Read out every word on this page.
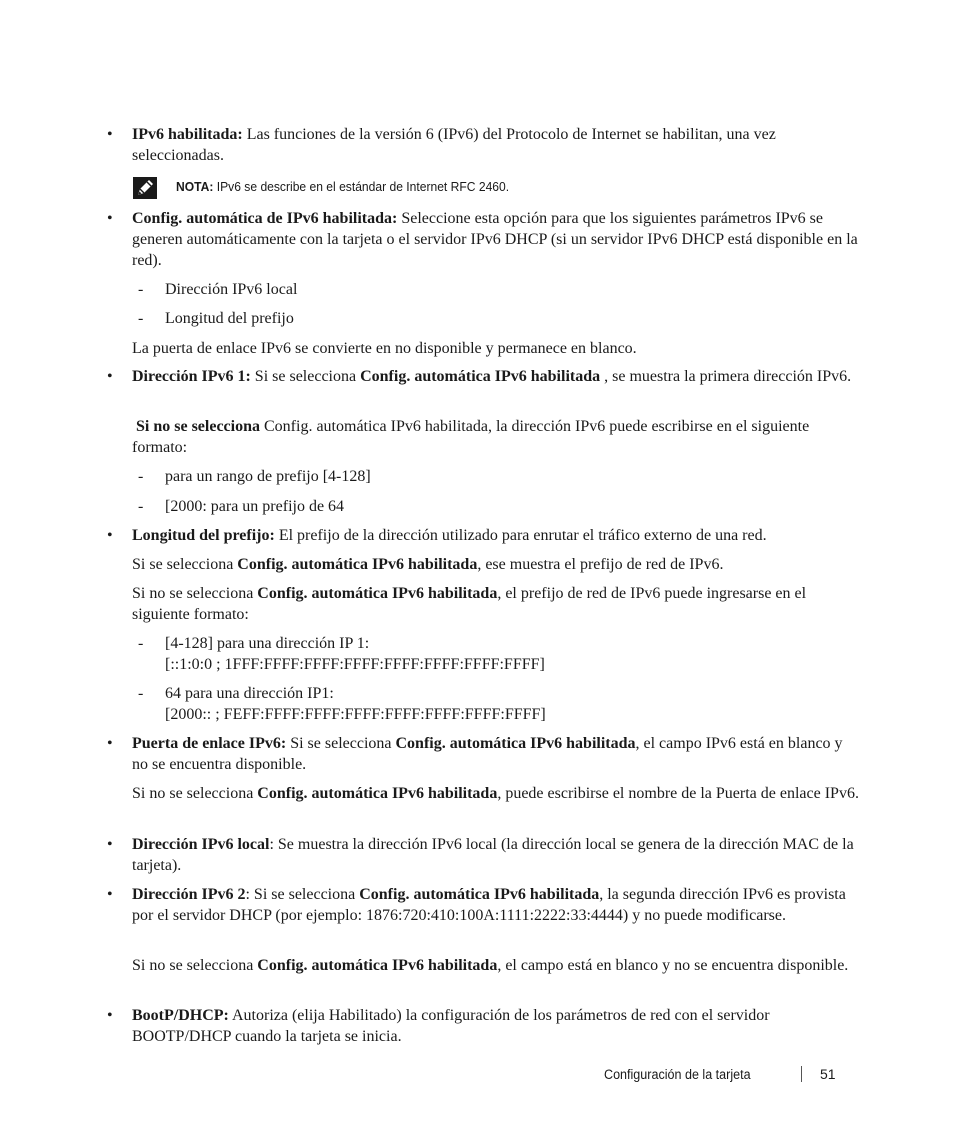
• IPv6 habilitada: Las funciones de la versión 6 (IPv6) del Protocolo de Internet se habilitan, una vez seleccionadas.
NOTA: IPv6 se describe en el estándar de Internet RFC 2460.
• Config. automática de IPv6 habilitada: Seleccione esta opción para que los siguientes parámetros IPv6 se generen automáticamente con la tarjeta o el servidor IPv6 DHCP (si un servidor IPv6 DHCP está disponible en la red).
- Dirección IPv6 local
- Longitud del prefijo
La puerta de enlace IPv6 se convierte en no disponible y permanece en blanco.
• Dirección IPv6 1: Si se selecciona Config. automática IPv6 habilitada , se muestra la primera dirección IPv6.
Si no se selecciona Config. automática IPv6 habilitada, la dirección IPv6 puede escribirse en el siguiente formato:
- para un rango de prefijo [4-128]
- [2000: para un prefijo de 64
• Longitud del prefijo: El prefijo de la dirección utilizado para enrutar el tráfico externo de una red.
Si se selecciona Config. automática IPv6 habilitada, ese muestra el prefijo de red de IPv6.
Si no se selecciona Config. automática IPv6 habilitada, el prefijo de red de IPv6 puede ingresarse en el siguiente formato:
- [4-128] para una dirección IP 1:
[::1:0:0 ; 1FFF:FFFF:FFFF:FFFF:FFFF:FFFF:FFFF:FFFF]
- 64 para una dirección IP1:
[2000:: ; FEFF:FFFF:FFFF:FFFF:FFFF:FFFF:FFFF:FFFF]
• Puerta de enlace IPv6: Si se selecciona Config. automática IPv6 habilitada, el campo IPv6 está en blanco y no se encuentra disponible.
Si no se selecciona Config. automática IPv6 habilitada, puede escribirse el nombre de la Puerta de enlace IPv6.
• Dirección IPv6 local: Se muestra la dirección IPv6 local (la dirección local se genera de la dirección MAC de la tarjeta).
• Dirección IPv6 2: Si se selecciona Config. automática IPv6 habilitada, la segunda dirección IPv6 es provista por el servidor DHCP (por ejemplo: 1876:720:410:100A:1111:2222:33:4444) y no puede modificarse.
Si no se selecciona Config. automática IPv6 habilitada, el campo está en blanco y no se encuentra disponible.
• BootP/DHCP: Autoriza (elija Habilitado) la configuración de los parámetros de red con el servidor BOOTP/DHCP cuando la tarjeta se inicia.
Configuración de la tarjeta	51
